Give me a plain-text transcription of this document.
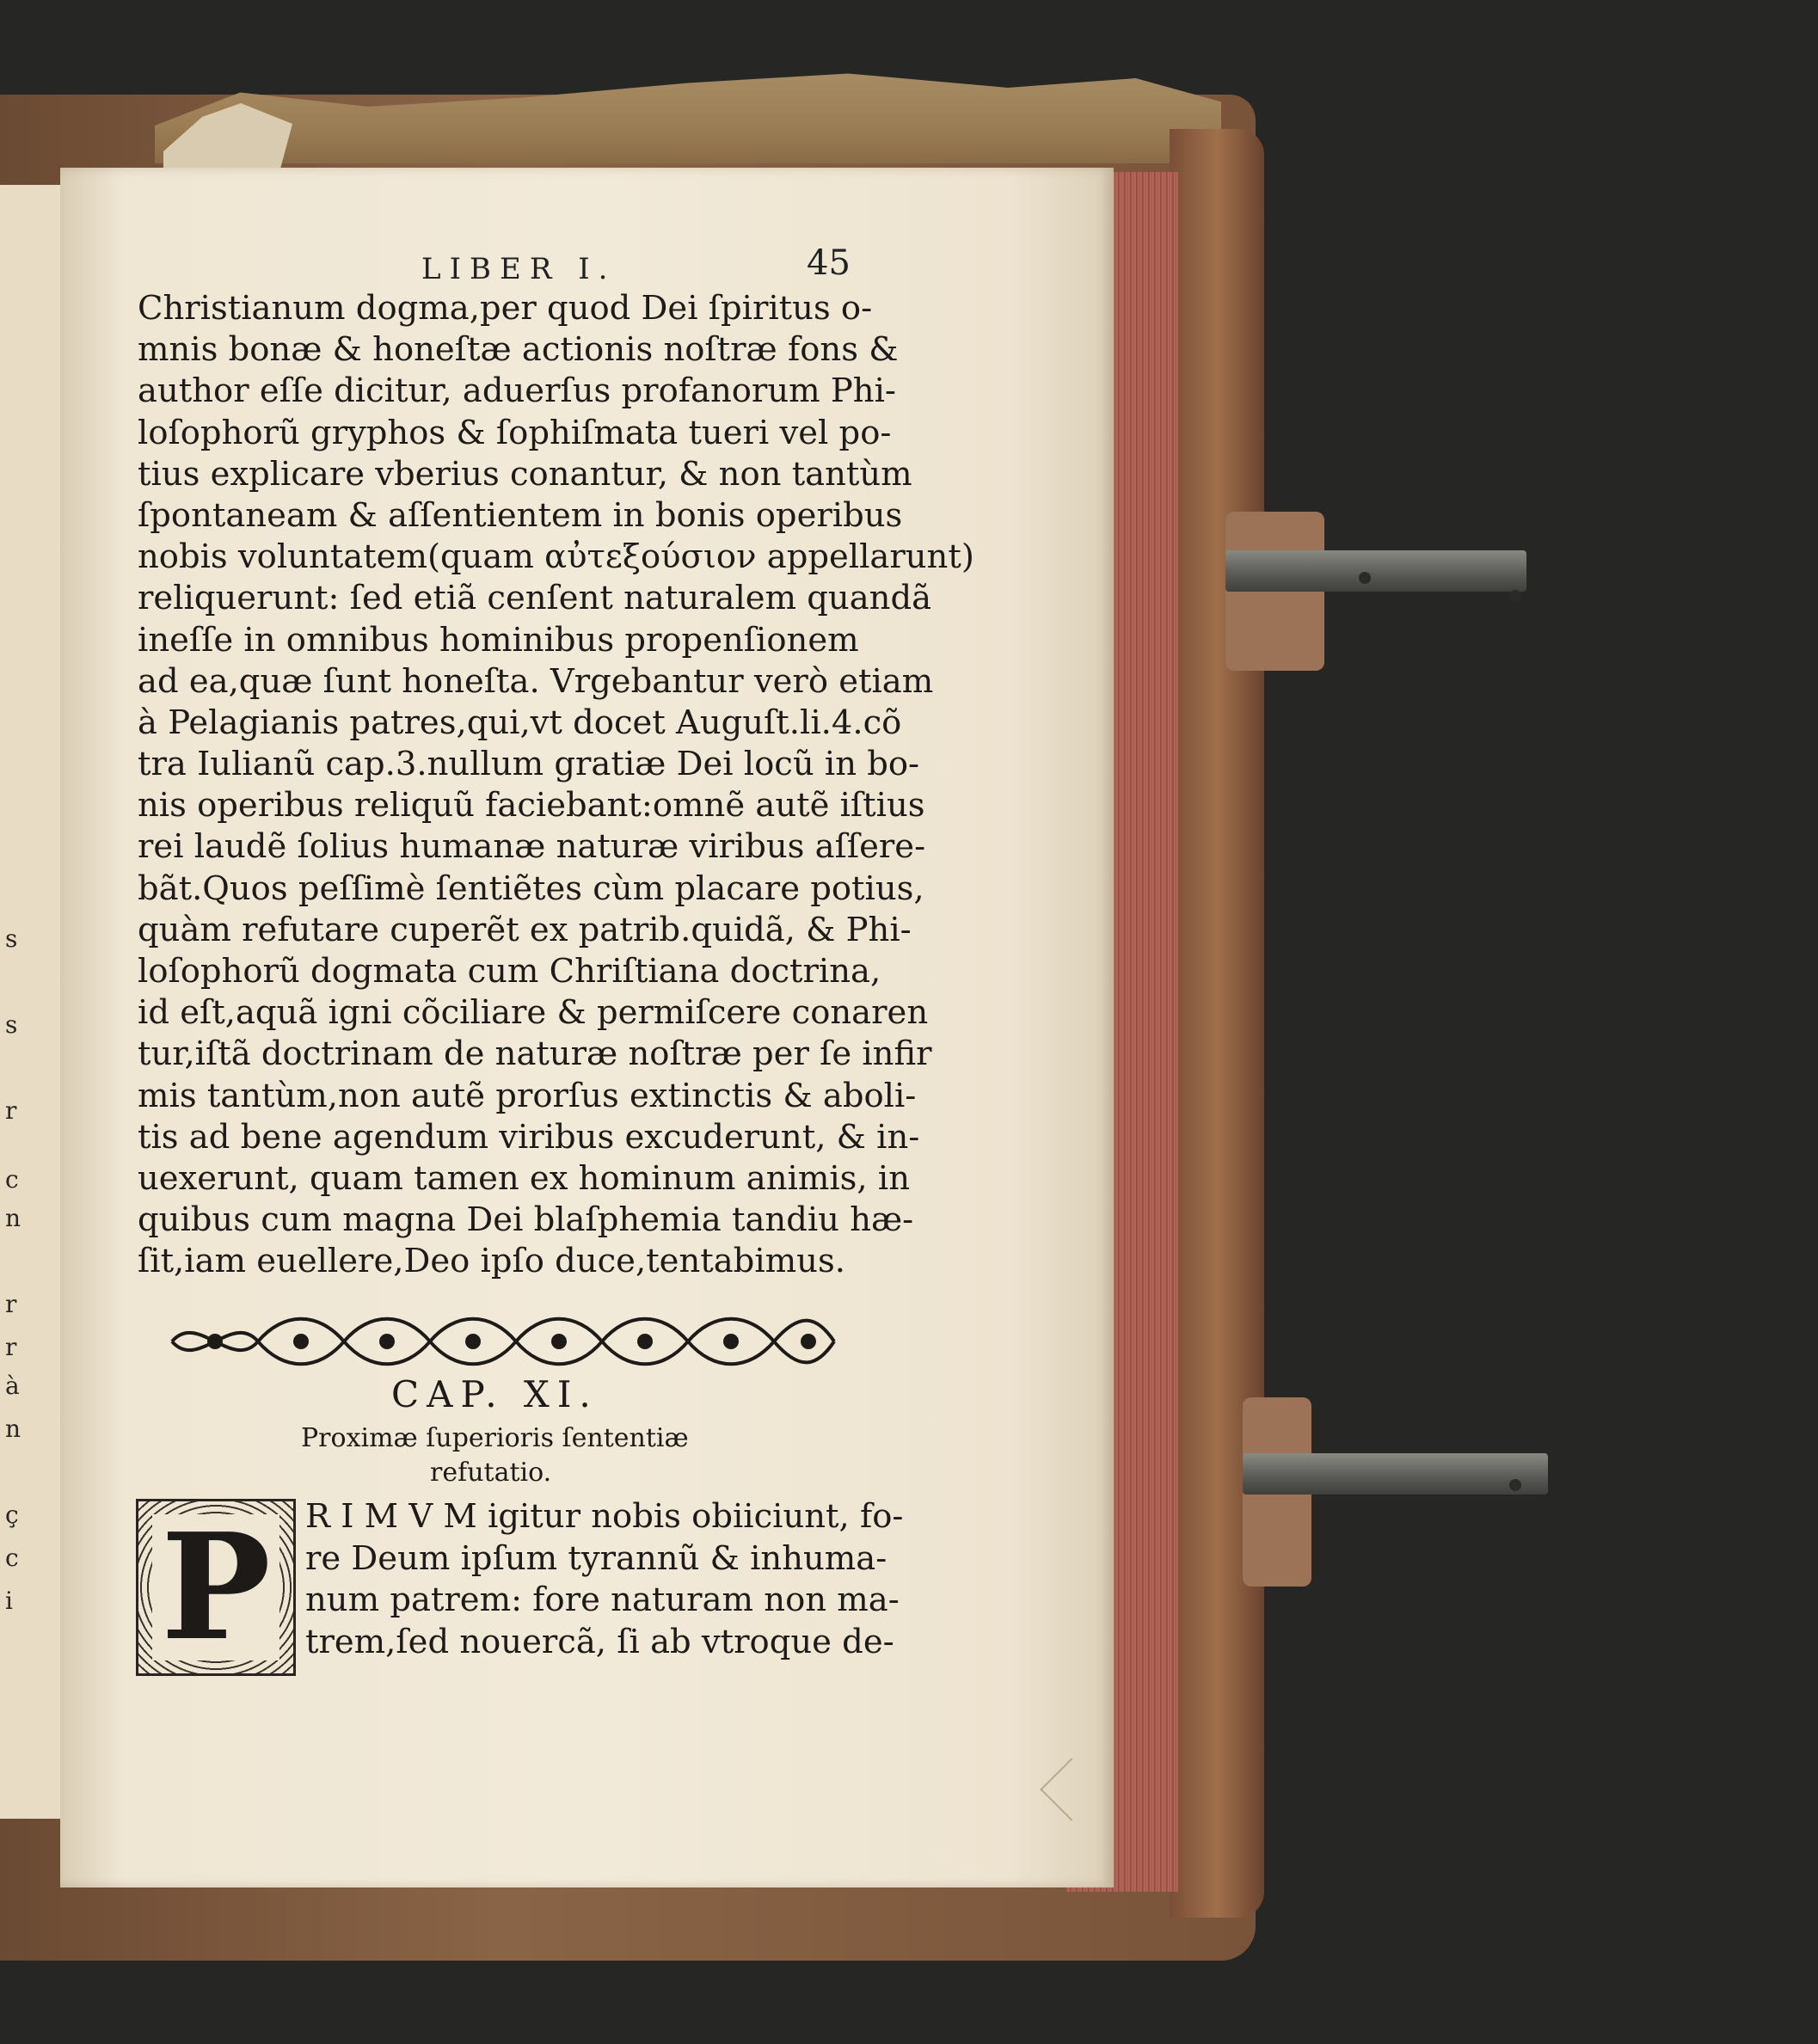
s
s
r
c
n
r
r
à
n
ç
c
i
LIBER I.	45
Christianum dogma,per quod Dei ſpiritus o-
mnis bonæ & honeſtæ actionis noſtræ fons &
author eſſe dicitur, aduerſus profanorum Phi-
loſophorũ gryphos & ſophiſmata tueri vel po-
tius explicare vberius conantur, & non tantùm
ſpontaneam & aſſentientem in bonis operibus
nobis voluntatem(quam αὐτεξούσιον appellarunt)
reliquerunt: ſed etiã cenſent naturalem quandã
ineſſe in omnibus hominibus propenſionem
ad ea,quæ ſunt honeſta. Vrgebantur verò etiam
à Pelagianis patres,qui,vt docet Auguſt.li.4.cõ
tra Iulianũ cap.3.nullum gratiæ Dei locũ in bo-
nis operibus reliquũ faciebant:omnẽ autẽ iſtius
rei laudẽ ſolius humanæ naturæ viribus aſſere-
bãt.Quos peſſimè ſentiẽtes cùm placare potius,
quàm refutare cuperẽt ex patrib.quidã, & Phi-
loſophorũ dogmata cum Chriſtiana doctrina,
id eſt,aquã igni cõciliare & permiſcere conaren
tur,iſtã doctrinam de naturæ noſtræ per ſe infir
mis tantùm,non autẽ prorſus extinctis & aboli-
tis ad bene agendum viribus excuderunt, & in-
uexerunt, quam tamen ex hominum animis, in
quibus cum magna Dei blaſphemia tandiu hæ-
ſit,iam euellere,Deo ipſo duce,tentabimus.
CAP. XI.
Proximæ ſuperioris ſententiæ
refutatio.
P R I M V M igitur nobis obiiciunt, fo-
re Deum ipſum tyrannũ & inhuma-
num patrem: fore naturam non ma-
trem,ſed nouercã, ſi ab vtroque de-
